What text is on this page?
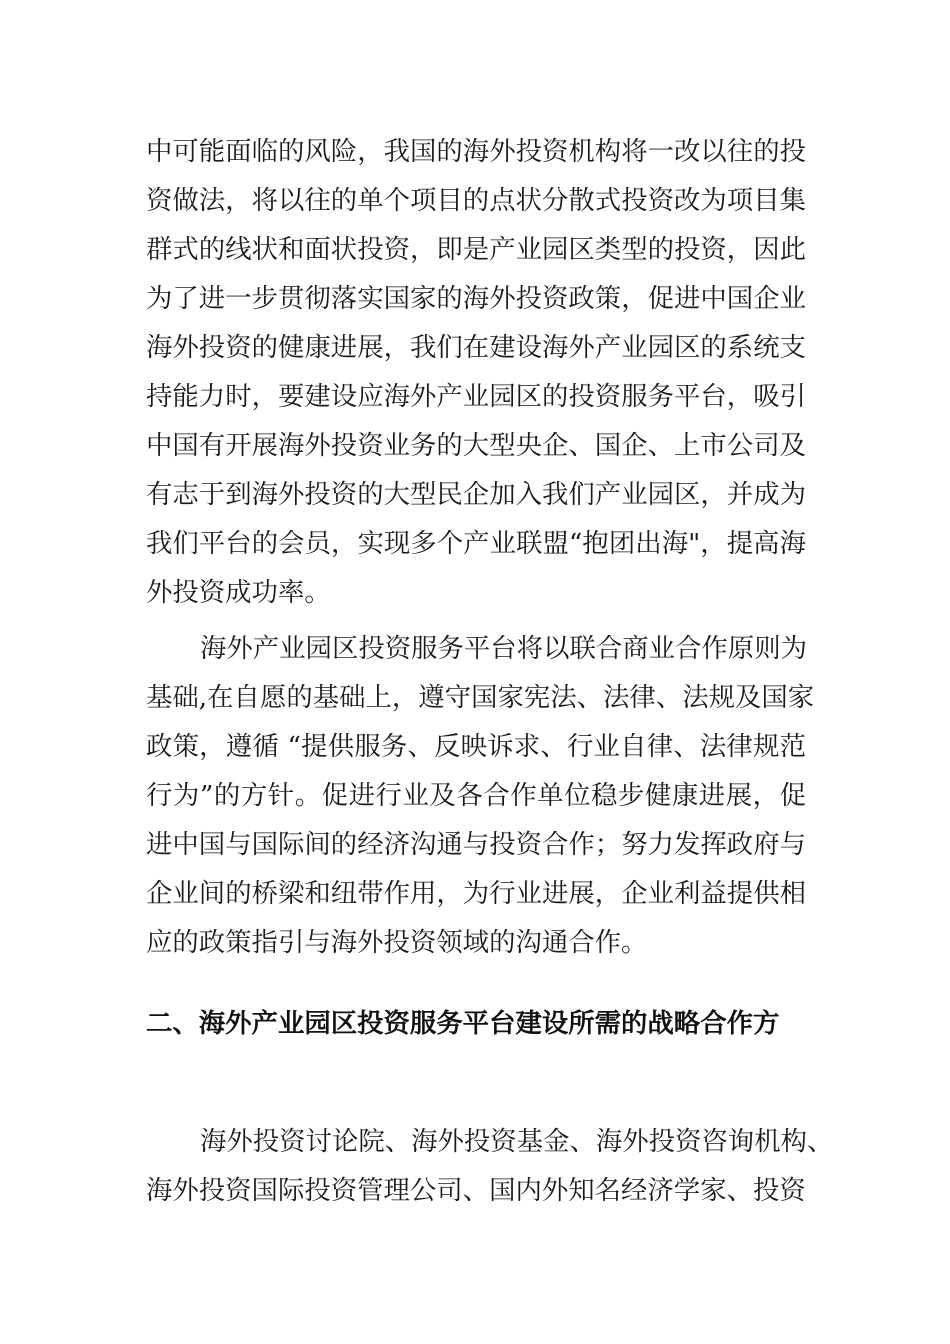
中可能面临的风险，我国的海外投资机构将一改以往的投
资做法，将以往的单个项目的点状分散式投资改为项目集
群式的线状和面状投资，即是产业园区类型的投资，因此
为了进一步贯彻落实国家的海外投资政策，促进中国企业
海外投资的健康进展，我们在建设海外产业园区的系统支
持能力时，要建设应海外产业园区的投资服务平台，吸引
中国有开展海外投资业务的大型央企、国企、上市公司及
有志于到海外投资的大型民企加入我们产业园区，并成为
我们平台的会员，实现多个产业联盟“抱团出海"，提高海
外投资成功率。
海外产业园区投资服务平台将以联合商业合作原则为
基础,在自愿的基础上，遵守国家宪法、法律、法规及国家
政策，遵循 “提供服务、反映诉求、行业自律、法律规范
行为”的方针。促进行业及各合作单位稳步健康进展，促
进中国与国际间的经济沟通与投资合作；努力发挥政府与
企业间的桥梁和纽带作用，为行业进展，企业利益提供相
应的政策指引与海外投资领域的沟通合作。
二、海外产业园区投资服务平台建设所需的战略合作方
海外投资讨论院、海外投资基金、海外投资咨询机构、
海外投资国际投资管理公司、国内外知名经济学家、投资
